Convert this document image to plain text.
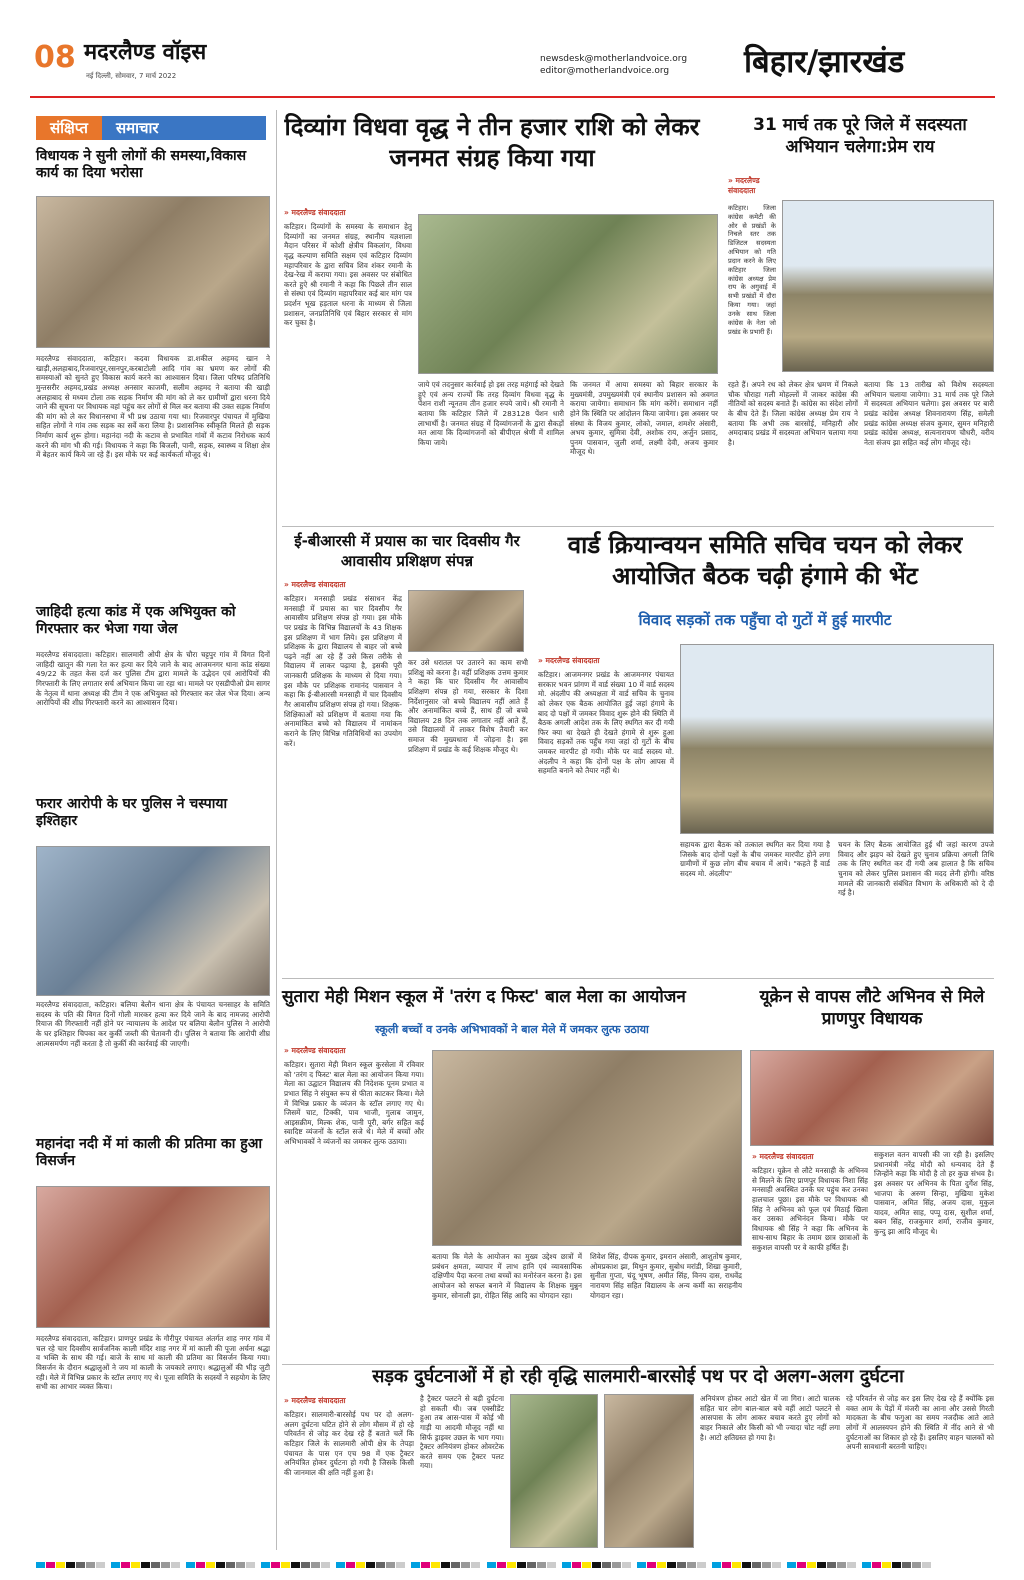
08 मदरलैण्ड वॉइस
नई दिल्ली, सोमवार, 7 मार्च 2022
newsdesk@motherlandvoice.org
editor@motherlandvoice.org बिहार/झारखंड
संक्षिप्त	समाचार
विधायक ने सुनी लोगों की समस्या,विकास कार्य का दिया भरोसा
मदरलैण्ड संवाददाता, कटिहार। कदवा विधायक डा.शकील अहमद खान ने खाड़ी,अलहाबाद,रिजवारपुर,रसनपुर,करबाटोली आदि गांव का भ्रमण कर लोगों की समस्याओं को सुनते हुए विकास कार्य करने का आश्वासन दिया। जिला परिषद प्रतिनिधि मुन्तसरीर अहमद,प्रखंड अध्यक्ष अनसार काजमी, सलीम अहमद ने बताया की खाड़ी अलहाबाद से मध्यम टोला तक सड़क निर्माण की मांग को ले कर ग्रामीणों द्वारा धरना दिये जाने की सूचना पर विधायक वहां पहुंच कर लोगों से मिल कर बताया की उक्त सड़क निर्माण की मांग को ले कर विधानसभा में भी प्रश्न उठाया गया था। रिजवारपुर पंचायत में मुखिया सहित लोगों ने गांव तक सड़क का सर्वे करा लिया है। प्रशासनिक स्वीकृति मिलते ही सड़क निर्माण कार्य शुरू होगा। महानंदा नदी के कटाव से प्रभावित गांवों में कटाव निरोधक कार्य करने की मांग भी की गई। विधायक ने कहा कि बिजली, पानी, सड़क, स्वास्थ्य व शिक्षा क्षेत्र में बेहतर कार्य किये जा रहे हैं। इस मौके पर कई कार्यकर्ता मौजूद थे।
जाहिदी हत्या कांड में एक अभियुक्त को गिरफ्तार कर भेजा गया जेल
मदरलैण्ड संवाददाता। कटिहार। सालमारी ओपी क्षेत्र के चौरा चट्टपुर गांव में विगत दिनों जाहिदी खातून की गला रेत कर हत्या कर दिये जाने के बाद आजमनगर थाना कांड संख्या 49/22 के तहत केस दर्ज कर पुलिस टीम द्वारा मामले के उद्भेदन एवं आरोपियों की गिरफ्तारी के लिए लगातार सर्च अभियान किया जा रहा था। मामले पर एसडीपीओ प्रेम सागर के नेतृत्व में थाना अध्यक्ष की टीम ने एक अभियुक्त को गिरफ्तार कर जेल भेज दिया। अन्य आरोपियों की शीघ्र गिरफ्तारी करने का आश्वासन दिया।
फरार आरोपी के घर पुलिस ने चस्पाया इश्तिहार
मदरलैण्ड संवाददाता, कटिहार। बलिया बेलौन थाना क्षेत्र के पंचायत चनसाहर के समिति सदस्य के पति की विगत दिनों गोली मारकर हत्या कर दिये जाने के बाद नामजद आरोपी रियाज की गिरफ्तारी नहीं होने पर न्यायालय के आदेश पर बलिया बेलौन पुलिस ने आरोपी के घर इश्तिहार चिपका कर कुर्की जब्ती की चेतावनी दी। पुलिस ने बताया कि आरोपी शीघ्र आत्मसमर्पण नहीं करता है तो कुर्की की कार्रवाई की जाएगी।
महानंदा नदी में मां काली की प्रतिमा का हुआ विसर्जन
मदरलैण्ड संवाददाता, कटिहार। प्राणपुर प्रखंड के गौरीपुर पंचायत अंतर्गत शाह नगर गांव में चल रहे चार दिवसीय सार्वजनिक काली मंदिर शाह नगर में मां काली की पूजा अर्चना श्रद्धा व भक्ति के साथ की गई। बाजे के साथ मां काली की प्रतिमा का विसर्जन किया गया। विसर्जन के दौरान श्रद्धालुओं ने जय मां काली के जयकारे लगाए। श्रद्धालुओं की भीड़ जुटी रही। मेले में विभिन्न प्रकार के स्टॉल लगाए गए थे। पूजा समिति के सदस्यों ने सहयोग के लिए सभी का आभार व्यक्त किया।
दिव्यांग विधवा वृद्ध ने तीन हजार राशि को लेकर जनमत संग्रह किया गया
» मदरलैण्ड संवाददाता
कटिहार। दिव्यांगों के समस्या के समाधान हेतु दिव्यांगों का जनमत संग्रह, स्थानीय यज्ञशाला मैदान परिसर में कोशी क्षेत्रीय विकलांग, विधवा वृद्ध कल्याण समिति सक्षम एवं कटिहार दिव्यांग महापरिवार के द्वारा सचिव शिव शंकर रमानी के देख-रेख में कराया गया। इस अवसर पर संबोधित करते हुऐ श्री रमानी ने कहा कि पिछले तीन साल से संस्था एवं दिव्यांग महापरिवार कई बार मांग पत्र प्रदर्शन भूख हड़ताल धरना के माध्यम से जिला प्रशासन, जनप्रतिनिधि एवं बिहार सरकार से मांग कर चुका है।
जाये एवं तदनुसार कार्रवाई हो इस तरह महंगाई को देखते हुऐ एवं अन्य राज्यों कि तरह दिव्यांग विधवा वृद्ध के पेंशन राशी न्यूनतम तीन हजार रुपये जाये। श्री रमानी ने बताया कि कटिहार जिले में 283128 पेंशन धारी लाभार्थी है। जनमत संग्रह में दिव्यांगजनों के द्वारा सैकड़ों मत आया कि दिव्यांगजनों को बीपीएल श्रेणी में शामिल किया जाये।
कि जनमत में आया समस्या को बिहार सरकार के मुख्यमंत्री, उपमुख्यमंत्री एवं स्थानीय प्रशासन को अवगत कराया जायेगा। समाधान कि मांग करेंगे। समाधान नहीं होने कि स्थिति पर आंदोलन किया जायेगा। इस अवसर पर संस्था के विजय कुमार, लोको, जमाल, शमशेर अंसारी, अभय कुमार, सुमित्रा देवी, अशोक राय, अर्जुन प्रसाद, पुनम पासवान, जुली शर्मा, लक्ष्मी देवी, अजय कुमार मौजूद थे।
31 मार्च तक पूरे जिले में सदस्यता अभियान चलेगा:प्रेम राय
» मदरलैण्ड संवाददाता
कटिहार। जिला कांग्रेस कमेटी की ओर से प्रखंडों के निचले स्तर तक डिजिटल सदस्यता अभियान को गति प्रदान करने के लिए कटिहार जिला कांग्रेस अध्यक्ष प्रेम राय के अगुवाई में सभी प्रखंडों में दौरा किया गया। जहां उनके साथ जिला कांग्रेस के नेता जो प्रखंड के प्रभारी हैं।
रहते हैं। अपने रथ को लेकर क्षेत्र भ्रमण में निकले चौक चौराहा गली मोहल्लों में जाकर कांग्रेस की नीतियों को सदस्य बनाते हैं। कांग्रेस का संदेश लोगों के बीच देते हैं। जिला कांग्रेस अध्यक्ष प्रेम राय ने बताया कि अभी तक बारसोई, मनिहारी और अमदाबाद प्रखंड में सदस्यता अभियान चलाया गया है।
बताया कि 13 तारीख को विशेष सदस्यता अभियान चलाया जायेगा। 31 मार्च तक पूरे जिले में सदस्यता अभियान चलेगा। इस अवसर पर बारी प्रखंड कांग्रेस अध्यक्ष शिवनारायण सिंह, समेली प्रखंड कांग्रेस अध्यक्ष संजय कुमार, सुमन मनिहारी प्रखंड कांग्रेस अध्यक्ष, सत्यनारायण चौधरी, वरीय नेता संजय झा सहित कई लोग मौजूद रहे।
ई-बीआरसी में प्रयास का चार दिवसीय गैर आवासीय प्रशिक्षण संपन्न
» मदरलैण्ड संवाददाता
कटिहार। मनसाही प्रखंड संसाधन केंद्र मनसाही में प्रयास का चार दिवसीय गैर आवासीय प्रशिक्षण संपन्न हो गया। इस मौके पर प्रखंड के विभिन्न विद्यालयों के 43 शिक्षक इस प्रशिक्षण में भाग लिये। इस प्रशिक्षण में प्रशिक्षक के द्वारा विद्यालय से बाहर जो बच्चे पढ़ने नहीं आ रहे हैं उसे किस तरीके से विद्यालय में लाकर पढ़ाया है, इसकी पूरी जानकारी प्रशिक्षक के माध्यम से दिया गया। इस मौके पर प्रशिक्षक रामानंद पासवान ने कहा कि ई-बीआरसी मनसाही में चार दिवसीय गैर आवासीय प्रशिक्षण संपन्न हो गया। शिक्षक-शिक्षिकाओं को प्रशिक्षण में बताया गया कि अनामांकित बच्चे को विद्यालय में नामांकन कराने के लिए विभिन्न गतिविधियों का उपयोग करें।
कर उसे धरातल पर उतारने का काम सभी प्रशिक्षु को करना है। वहीं प्रशिक्षक उत्तम कुमार ने कहा कि चार दिवसीय गैर आवासीय प्रशिक्षण संपन्न हो गया, सरकार के दिशा निर्देशानुसार जो बच्चे विद्यालय नहीं आते हैं और अनामांकित बच्चे हैं, साथ ही जो बच्चे विद्यालय 28 दिन तक लगातार नहीं आते हैं, उसे विद्यालयों में लाकर विशेष तैयारी कर समाज की मुख्यधारा में जोड़ना है। इस प्रशिक्षण में प्रखंड के कई शिक्षक मौजूद थे।
वार्ड क्रियान्वयन समिति सचिव चयन को लेकर आयोजित बैठक चढ़ी हंगामे की भेंट
विवाद सड़कों तक पहुँचा दो गुटों में हुई मारपीट
» मदरलैण्ड संवाददाता
कटिहार। आजमनगर प्रखंड के आजमनगर पंचायत सरकार भवन प्रांगण में वार्ड संख्या 10 में वार्ड सदस्य मो. अंदलीप की अध्यक्षता में वार्ड सचिव के चुनाव को लेकर एक बैठक आयोजित हुई जहां हंगामे के बाद दो पक्षों में जमकर विवाद शुरू होने की स्थिति में बैठक अगली आदेश तक के लिए स्थगित कर दी गयी फिर क्या था देखते ही देखते हंगामे से शुरू हुआ विवाद सड़कों तक पहुँच गया जहां दो गुटों के बीच जमकर मारपीट हो गयी। मौके पर वार्ड सदस्य मो. अंदलीप ने कहा कि दोनों पक्ष के लोग आपस में सहमति बनाने को तैयार नहीं थे।
सहायक द्वारा बैठक को तत्काल स्थगित कर दिया गया है जिसके बाद दोनों पक्षों के बीच जमकर मारपीट होने लगा ग्रामीणों में कुछ लोग बीच बचाव में आये। "कहते हैं वार्ड सदस्य मो. अंदलीप"
चयन के लिए बैठक आयोजित हुई थी जहां कारण उपजे विवाद और झड़प को देखते हुए चुनाव प्रक्रिया अगली तिथि तक के लिए स्थगित कर दी गयी अब हालात है कि सचिव चुनाव को लेकर पुलिस प्रशासन की मदद लेनी होगी। वरिष्ठ मामले की जानकारी संबंधित विभाग के अधिकारी को दे दी गई है।
सुतारा मेही मिशन स्कूल में 'तरंग द फिस्ट' बाल मेला का आयोजन
स्कूली बच्चों व उनके अभिभावकों ने बाल मेले में जमकर लुत्फ उठाया
» मदरलैण्ड संवाददाता
कटिहार। सुतारा मेही मिशन स्कूल कुरसेला में रविवार को 'तरंग द फिस्ट' बाल मेला का आयोजन किया गया। मेला का उद्घाटन विद्यालय की निदेशक पूनम प्रभात व प्रभात सिंह ने संयुक्त रूप से फीता काटकर किया। मेले में विभिन्न प्रकार के व्यंजन के स्टॉल लगाए गए थे। जिसमें चाट, टिक्की, पाव भाजी, गुलाब जामुन, आइसक्रीम, मिल्क शेक, पानी पूरी, बर्गर सहित कई स्वादिष्ट व्यंजनों के स्टॉल सजे थे। मेले में बच्चों और अभिभावकों ने व्यंजनों का जमकर लुत्फ उठाया।
बताया कि मेले के आयोजन का मुख्य उद्देश्य छात्रों में प्रबंधन क्षमता, व्यापार में लाभ हानि एवं व्यावसायिक दक्षिणीय पैदा करना तथा बच्चों का मनोरंजन करना है। इस आयोजन को सफल बनाने में विद्यालय के शिक्षक मुन्नुन कुमार, सोनाली झा, रोहित सिंह आदि का योगदान रहा।
शिवेश सिंह, दीपक कुमार, इमरान अंसारी, आशुतोष कुमार, ओमप्रकाश झा, मिथुन कुमार, सुबोध मरांडी, शिखा कुमारी, सुनीता गुप्ता, चंदू भूषण, अमीत सिंह, विनय दास, राधवेंद्र नारायण सिंह सहित विद्यालय के अन्य कर्मी का सराहनीय योगदान रहा।
यूक्रेन से वापस लौटे अभिनव से मिले प्राणपुर विधायक
» मदरलैण्ड संवाददाता
कटिहार। यूक्रेन से लौटे मनसाही के अभिनव से मिलने के लिए प्राणपुर विधायक निशा सिंह मनसाही अवस्थित उनके घर पहुंच कर उनका हालचाल पूछा। इस मौके पर विधायक श्री सिंह ने अभिनव को फूल एवं मिठाई खिला कर उसका अभिनंदन किया। मौके पर विधायक श्री सिंह ने कहा कि अभिनव के साथ-साथ बिहार के तमाम छात्र छात्राओं के सकुशल वापसी पर वे काफी हर्षित हैं।
सकुशल वतन वापसी की जा रही है। इसलिए प्रधानमंत्री नरेंद्र मोदी को धन्यवाद देते हैं जिन्होंने कहा कि मोदी है तो हर कुछ संभव है। इस अवसर पर अभिनव के पिता दुर्गेश सिंह, भाजपा के अरुण सिन्हा, मुखिया मुकेश पासवान, अमित सिंह, अजय दास, मुकुल यादव, अमित साह, पप्पू दास, सुशील शर्मा, बबन सिंह, राजकुमार शर्मा, राजीव कुमार, कुन्दु झा आदि मौजूद थे।
सड़क दुर्घटनाओं में हो रही वृद्धि सालमारी-बारसोई पथ पर दो अलग-अलग दुर्घटना
» मदरलैण्ड संवाददाता
कटिहार। सालमारी-बारसोई पथ पर दो अलग-अलग दुर्घटना घटित होने से लोग मौसम में हो रहे परिवर्तन से जोड़ कर देख रहे हैं बताते चलें कि कटिहार जिले के सालमारी ओपी क्षेत्र के तेपड़ा पंचायत के पास एन एच 98 में एक ट्रैक्टर अनियंत्रित होकर दुर्घटना हो गयी है जिसके किसी की जानमाल की क्षति नहीं हुआ है।
है ट्रैक्टर पलटने से बड़ी दुर्घटना हो सकती थी। जब एक्सीडेंट हुआ तब आस-पास में कोई भी गाड़ी या आदमी मौजूद नहीं था सिर्फ ड्राइवर उछल के भाग गया। ट्रैक्टर अनियंत्रण होकर ओवरटेक करते समय एक ट्रैक्टर पलट गया।
अनियंत्रण होकर आटो खेत में जा गिरा। आटो चालक सहित चार लोग बाल-बाल बचे वहीं आटो पलटने से आसपास के लोग आकर बचाव करते हुए लोगों को बाहर निकाले और किसी को भी ज्यादा चोट नहीं लगा है। आटो क्षतिग्रस्त हो गया है।
रहे परिवर्तन से जोड़ कर इस लिए देख रहे हैं क्योंकि इस वक्त आम के पेड़ों में मंजरी का आना और उससे गिरती मादकता के बीच फगुआ का समय नजदीक आते आते लोगों में आलस्यपन होने की स्थिति में नींद आने से भी दुर्घटनाओं का शिकार हो रहे हैं। इसलिए वाहन चालकों को अपनी सावधानी बरतनी चाहिए।
